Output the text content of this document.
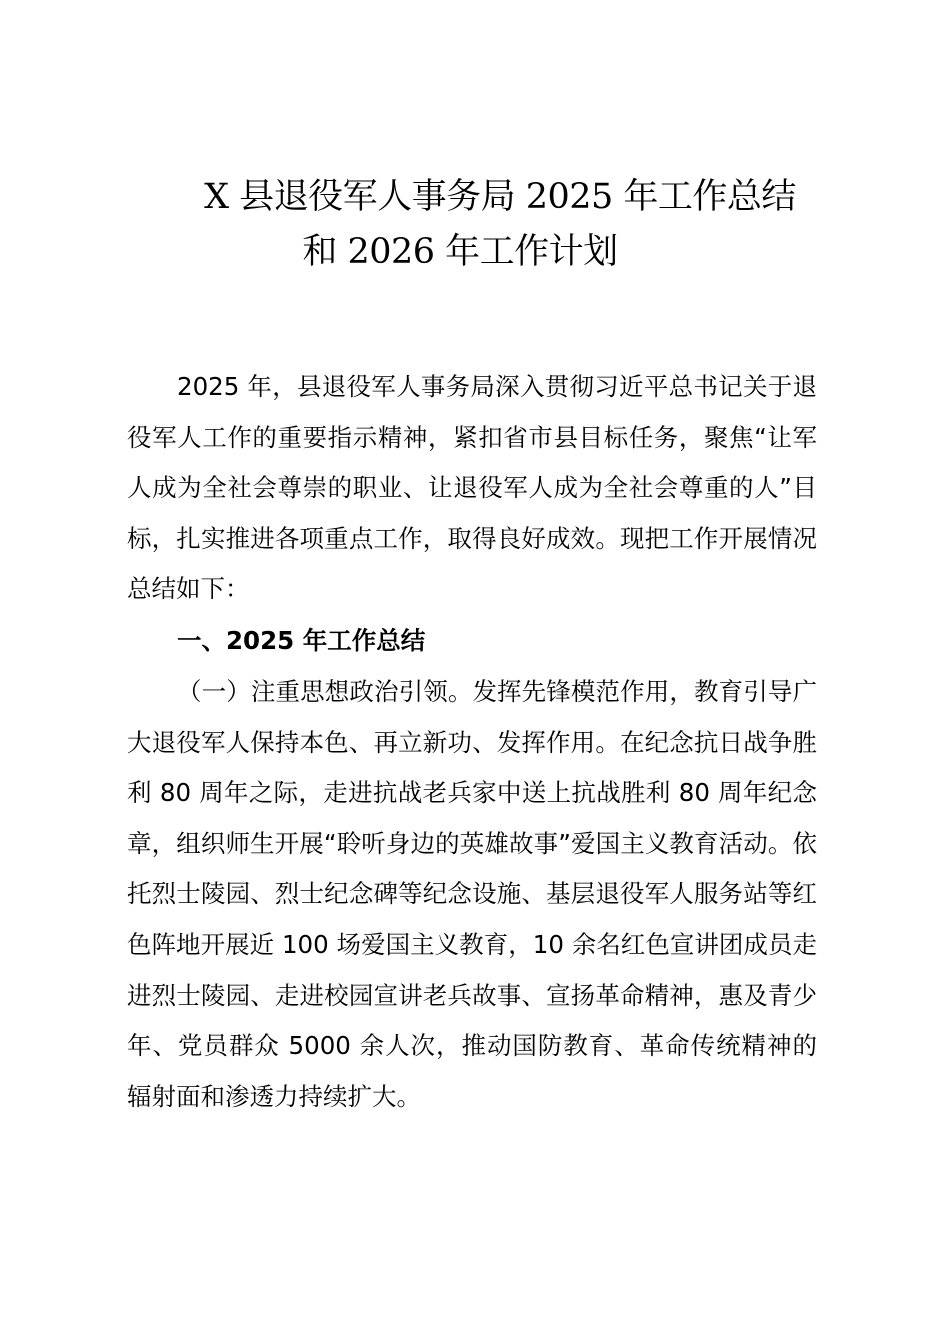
X 县退役军人事务局 2025 年工作总结
和 2026 年工作计划

2025 年，县退役军人事务局深入贯彻习近平总书记关于退役军人工作的重要指示精神，紧扣省市县目标任务，聚焦“让军人成为全社会尊崇的职业、让退役军人成为全社会尊重的人”目标，扎实推进各项重点工作，取得良好成效。现把工作开展情况总结如下：

一、2025 年工作总结

（一）注重思想政治引领。发挥先锋模范作用，教育引导广大退役军人保持本色、再立新功、发挥作用。在纪念抗日战争胜利 80 周年之际，走进抗战老兵家中送上抗战胜利 80 周年纪念章，组织师生开展“聆听身边的英雄故事”爱国主义教育活动。依托烈士陵园、烈士纪念碑等纪念设施、基层退役军人服务站等红色阵地开展近 100 场爱国主义教育，10 余名红色宣讲团成员走进烈士陵园、走进校园宣讲老兵故事、宣扬革命精神，惠及青少年、党员群众 5000 余人次，推动国防教育、革命传统精神的辐射面和渗透力持续扩大。
